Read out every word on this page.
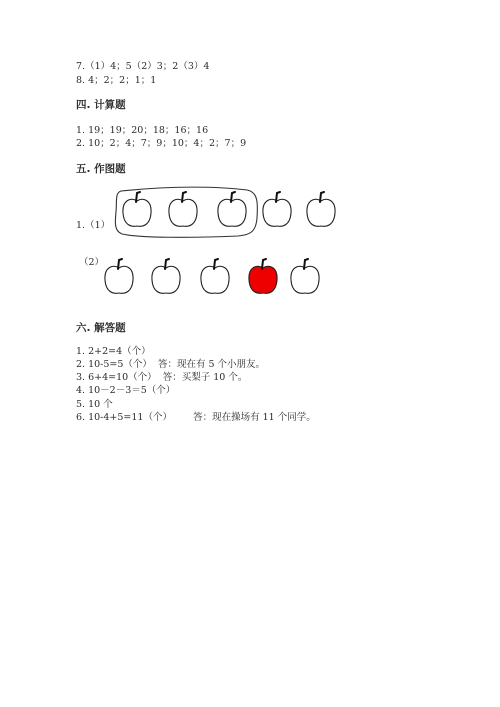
7.（1）4；5（2）3；2（3）4
8. 4；2；2；1；1
四. 计算题
1. 19；19；20；18；16；16
2. 10；2；4；7；9；10；4；2；7；9
五. 作图题
1.（1）
（2）
六. 解答题
1. 2+2=4（个）
2. 10-5=5（个）  答：现在有 5 个小朋友。
3. 6+4=10（个）  答：买梨子 10 个。
4. 10－2－3＝5（个）
5. 10 个
6. 10-4+5=11（个）       答：现在操场有 11 个同学。
